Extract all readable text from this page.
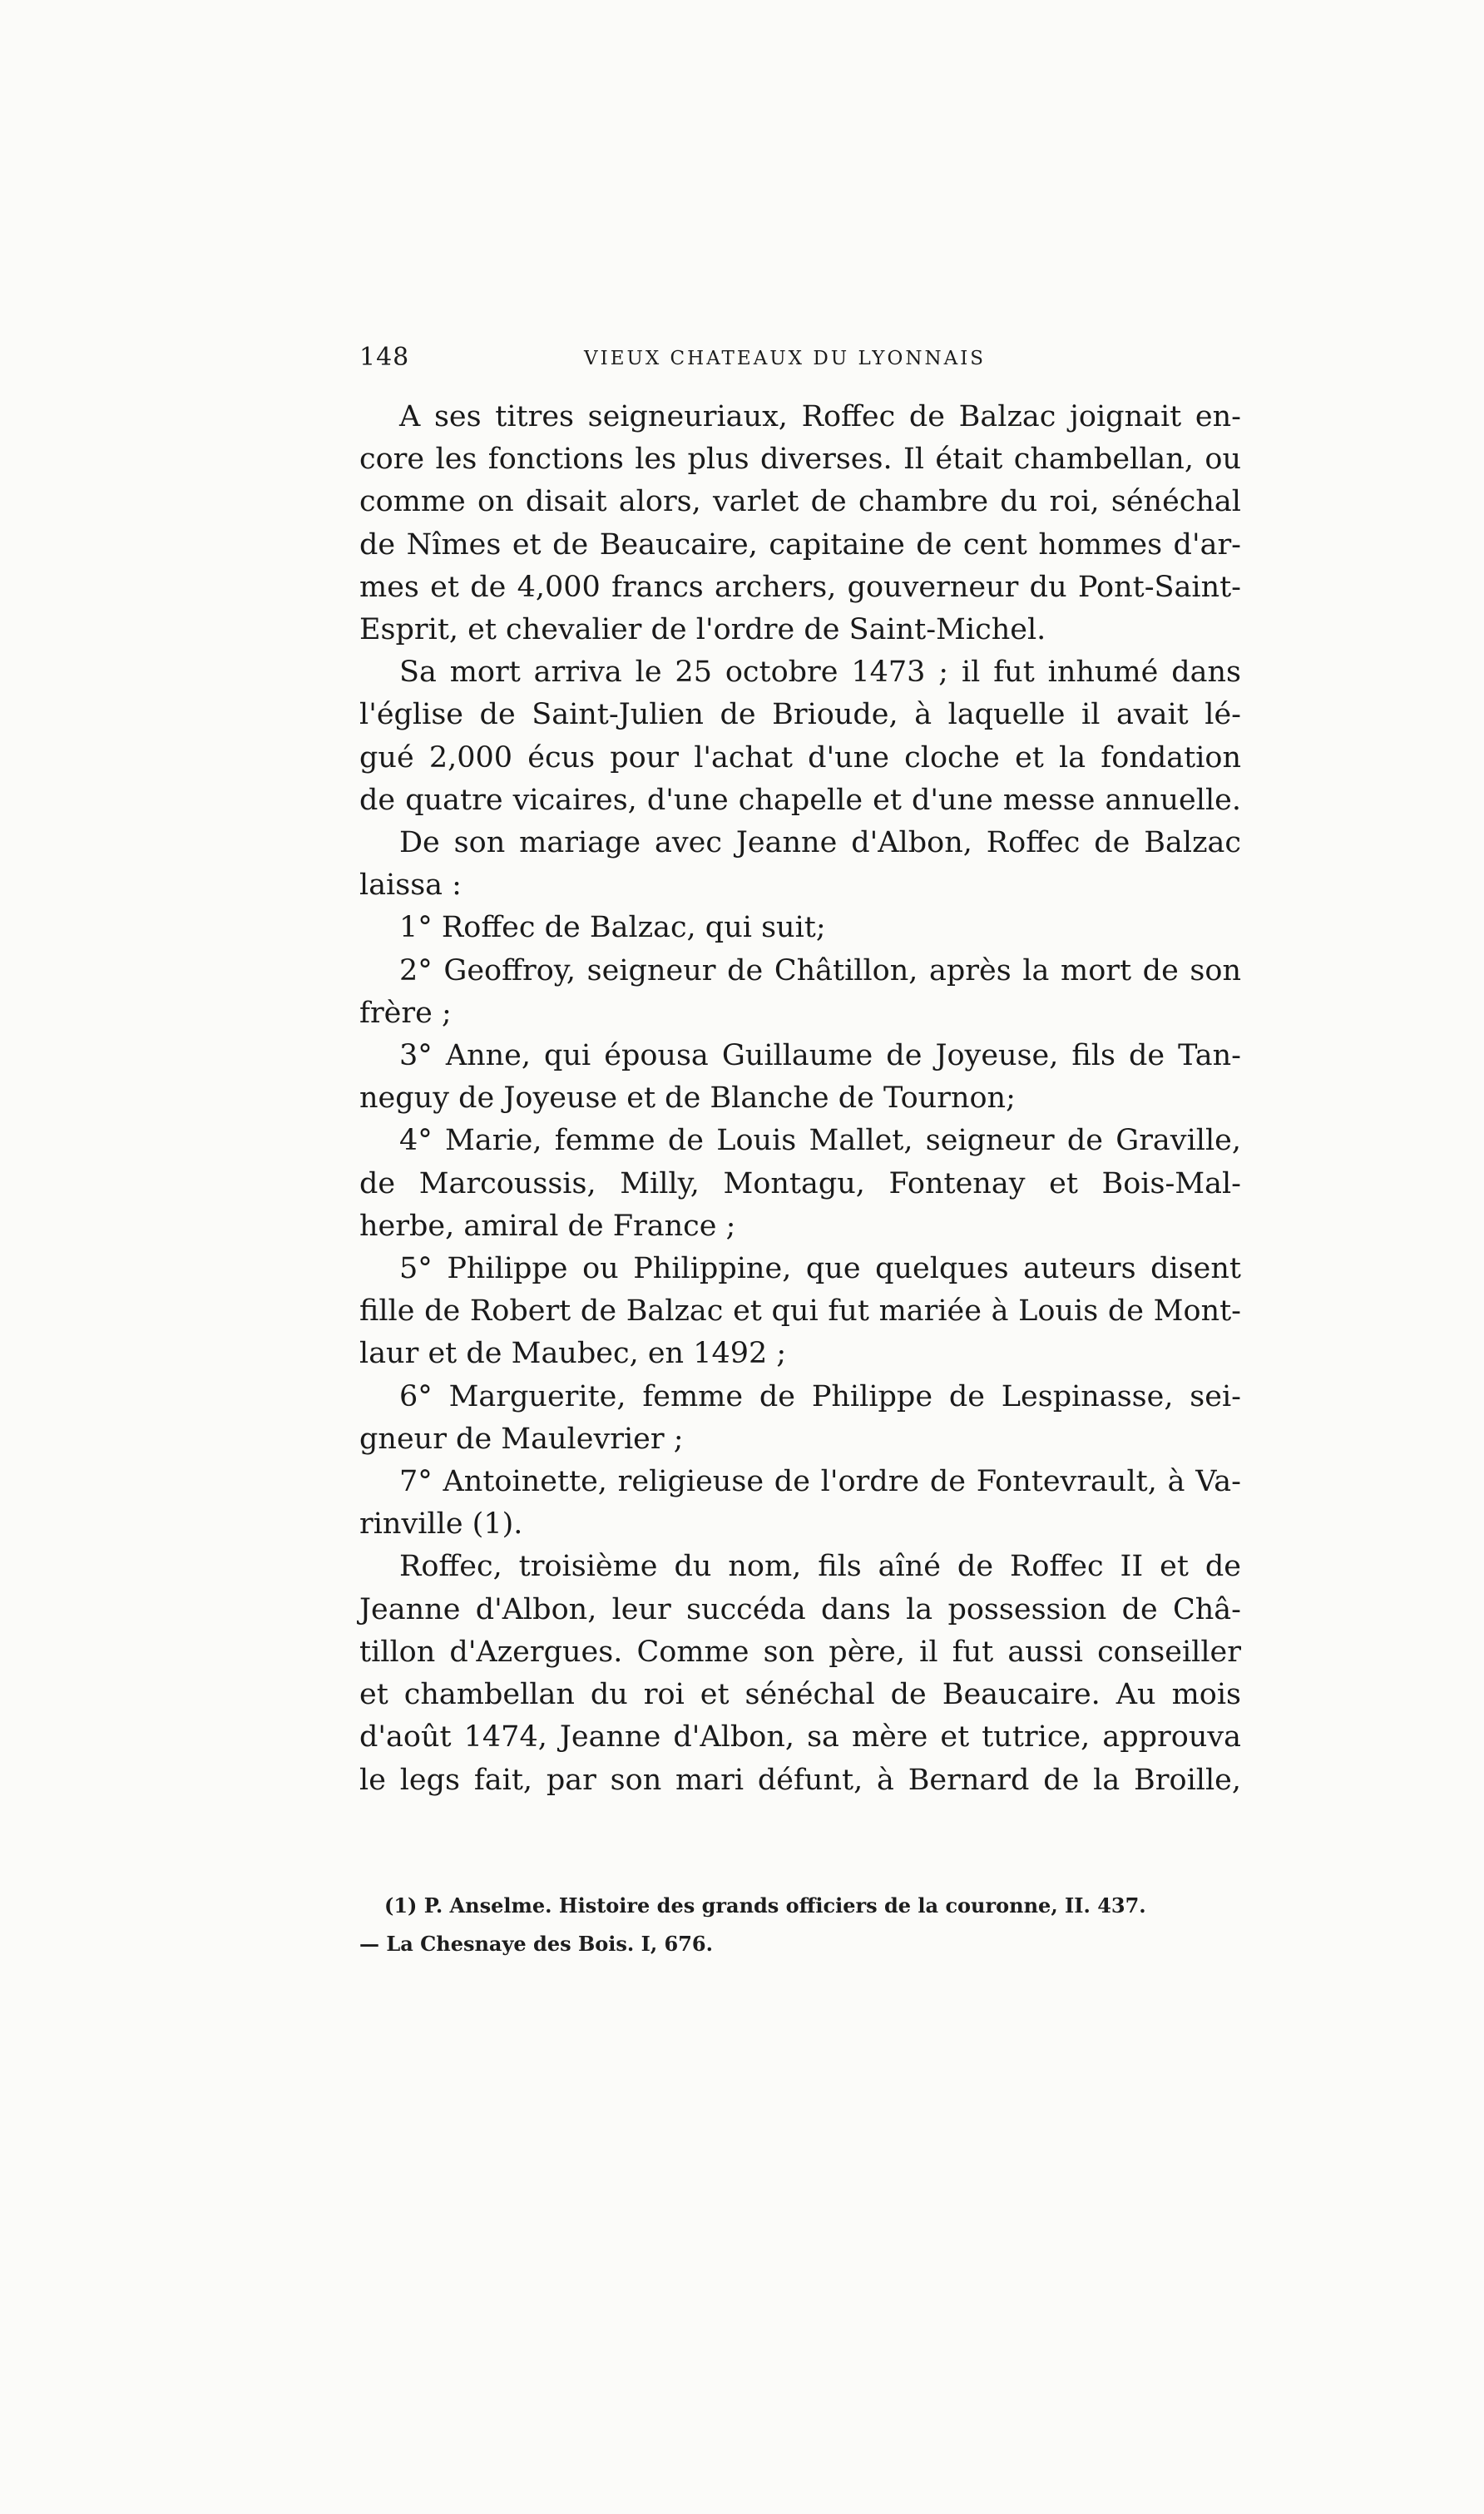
148	VIEUX CHATEAUX DU LYONNAIS
A ses titres seigneuriaux, Roffec de Balzac joignait en-
core les fonctions les plus diverses. Il était chambellan, ou
comme on disait alors, varlet de chambre du roi, sénéchal
de Nîmes et de Beaucaire, capitaine de cent hommes d'ar-
mes et de 4,000 francs archers, gouverneur du Pont-Saint-
Esprit, et chevalier de l'ordre de Saint-Michel.
Sa mort arriva le 25 octobre 1473 ; il fut inhumé dans
l'église de Saint-Julien de Brioude, à laquelle il avait lé-
gué 2,000 écus pour l'achat d'une cloche et la fondation
de quatre vicaires, d'une chapelle et d'une messe annuelle.
De son mariage avec Jeanne d'Albon, Roffec de Balzac
laissa :
1° Roffec de Balzac, qui suit;
2° Geoffroy, seigneur de Châtillon, après la mort de son
frère ;
3° Anne, qui épousa Guillaume de Joyeuse, fils de Tan-
neguy de Joyeuse et de Blanche de Tournon;
4° Marie, femme de Louis Mallet, seigneur de Graville,
de Marcoussis, Milly, Montagu, Fontenay et Bois-Mal-
herbe, amiral de France ;
5° Philippe ou Philippine, que quelques auteurs disent
fille de Robert de Balzac et qui fut mariée à Louis de Mont-
laur et de Maubec, en 1492 ;
6° Marguerite, femme de Philippe de Lespinasse, sei-
gneur de Maulevrier ;
7° Antoinette, religieuse de l'ordre de Fontevrault, à Va-
rinville (1).
Roffec, troisième du nom, fils aîné de Roffec II et de
Jeanne d'Albon, leur succéda dans la possession de Châ-
tillon d'Azergues. Comme son père, il fut aussi conseiller
et chambellan du roi et sénéchal de Beaucaire. Au mois
d'août 1474, Jeanne d'Albon, sa mère et tutrice, approuva
le legs fait, par son mari défunt, à Bernard de la Broille,
(1) P. Anselme. Histoire des grands officiers de la couronne, II. 437.
— La Chesnaye des Bois. I, 676.
